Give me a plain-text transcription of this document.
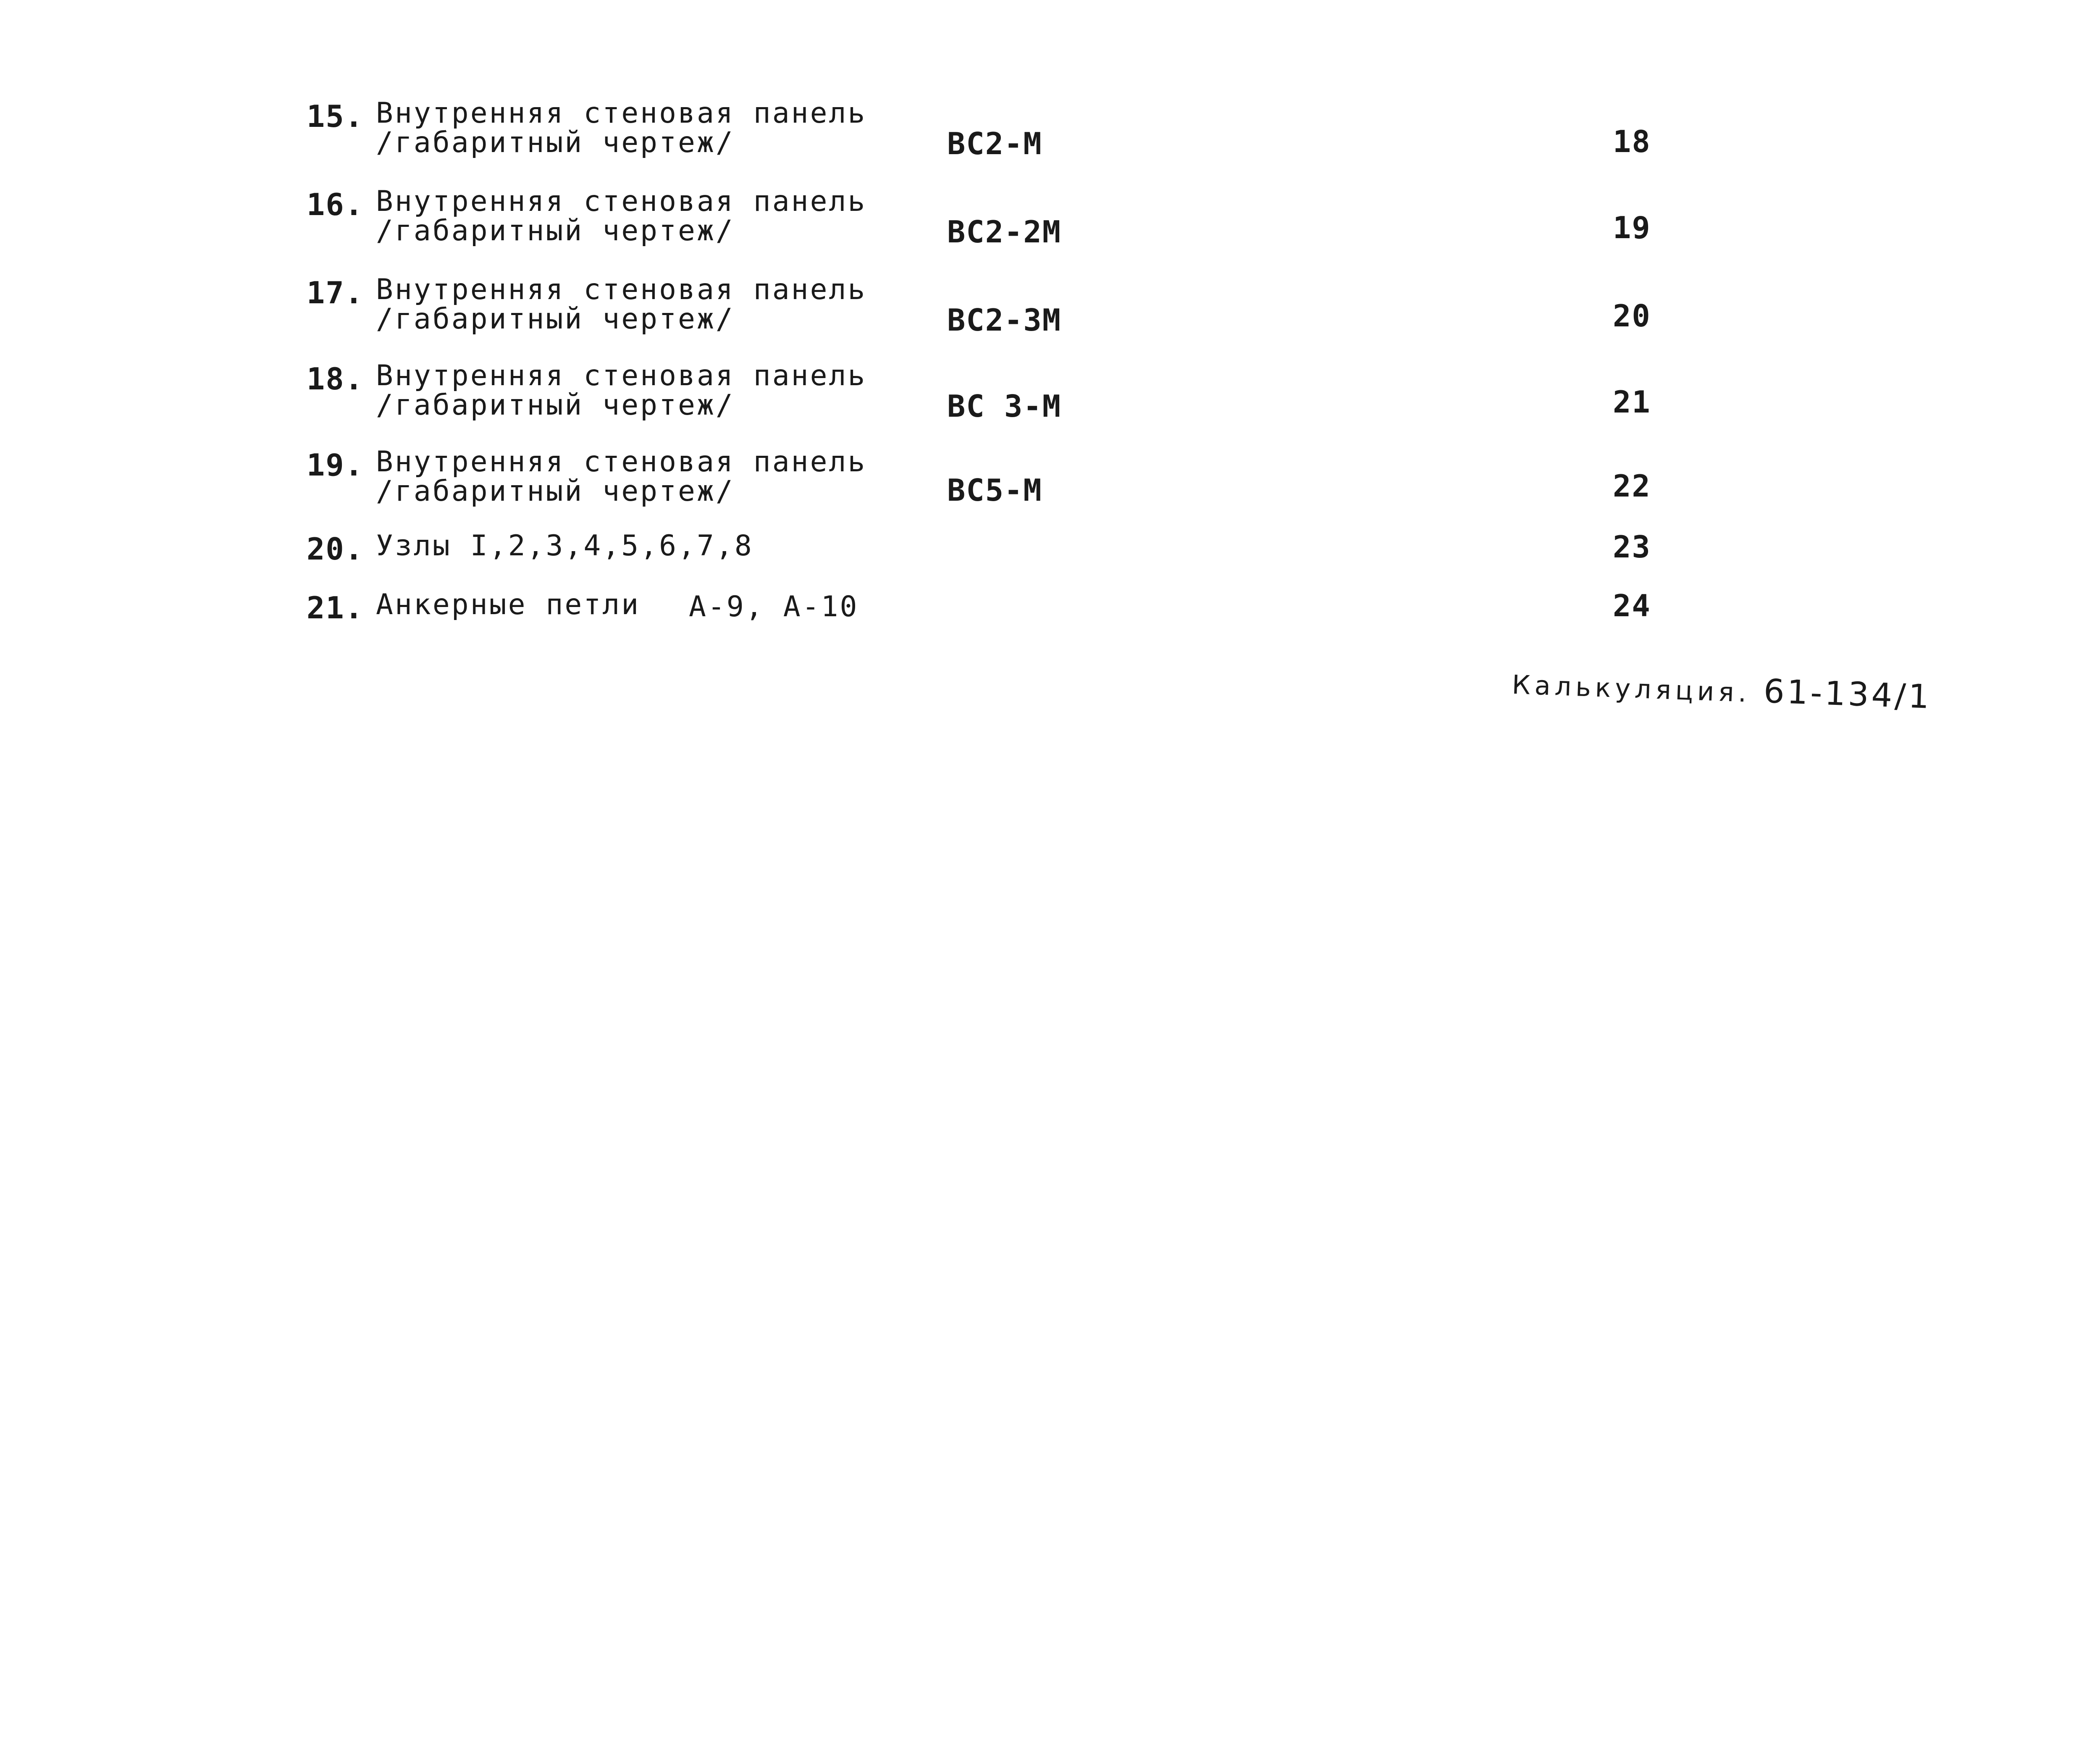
15. Внутренняя стеновая панель
/габаритный чертеж/	ВС2-М	18
16. Внутренняя стеновая панель
/габаритный чертеж/	ВС2-2М	19
17. Внутренняя стеновая панель
/габаритный чертеж/	ВС2-3М	20
18. Внутренняя стеновая панель
/габаритный чертеж/	ВС 3-М	21
19. Внутренняя стеновая панель
/габаритный чертеж/	ВС5-М	22
20. Узлы I,2,3,4,5,6,7,8	23
21. Анкерные петли А-9, А-10	24
Калькуляция. 61-134/1
